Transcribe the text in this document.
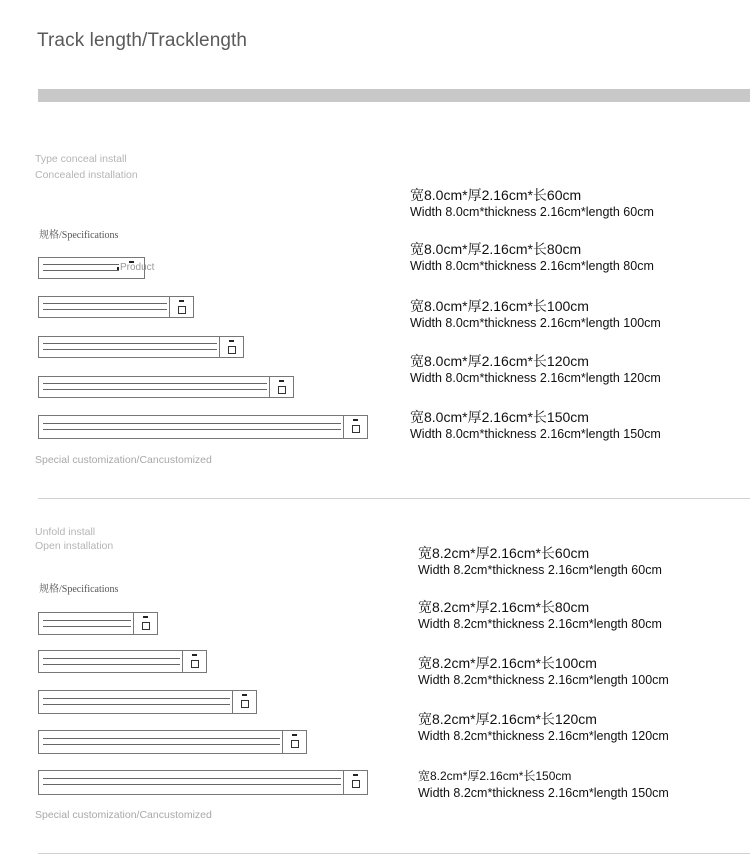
Track length/Tracklength
Type conceal install
Concealed installation
规格/Specifications
Product
Special customization/Cancustomized
宽8.0cm*厚2.16cm*长60cm
Width 8.0cm*thickness 2.16cm*length 60cm
宽8.0cm*厚2.16cm*长80cm
Width 8.0cm*thickness 2.16cm*length 80cm
宽8.0cm*厚2.16cm*长100cm
Width 8.0cm*thickness 2.16cm*length 100cm
宽8.0cm*厚2.16cm*长120cm
Width 8.0cm*thickness 2.16cm*length 120cm
宽8.0cm*厚2.16cm*长150cm
Width 8.0cm*thickness 2.16cm*length 150cm
Unfold install
Open installation
规格/Specifications
Special customization/Cancustomized
宽8.2cm*厚2.16cm*长60cm
Width 8.2cm*thickness 2.16cm*length 60cm
宽8.2cm*厚2.16cm*长80cm
Width 8.2cm*thickness 2.16cm*length 80cm
宽8.2cm*厚2.16cm*长100cm
Width 8.2cm*thickness 2.16cm*length 100cm
宽8.2cm*厚2.16cm*长120cm
Width 8.2cm*thickness 2.16cm*length 120cm
宽8.2cm*厚2.16cm*长150cm
Width 8.2cm*thickness 2.16cm*length 150cm
